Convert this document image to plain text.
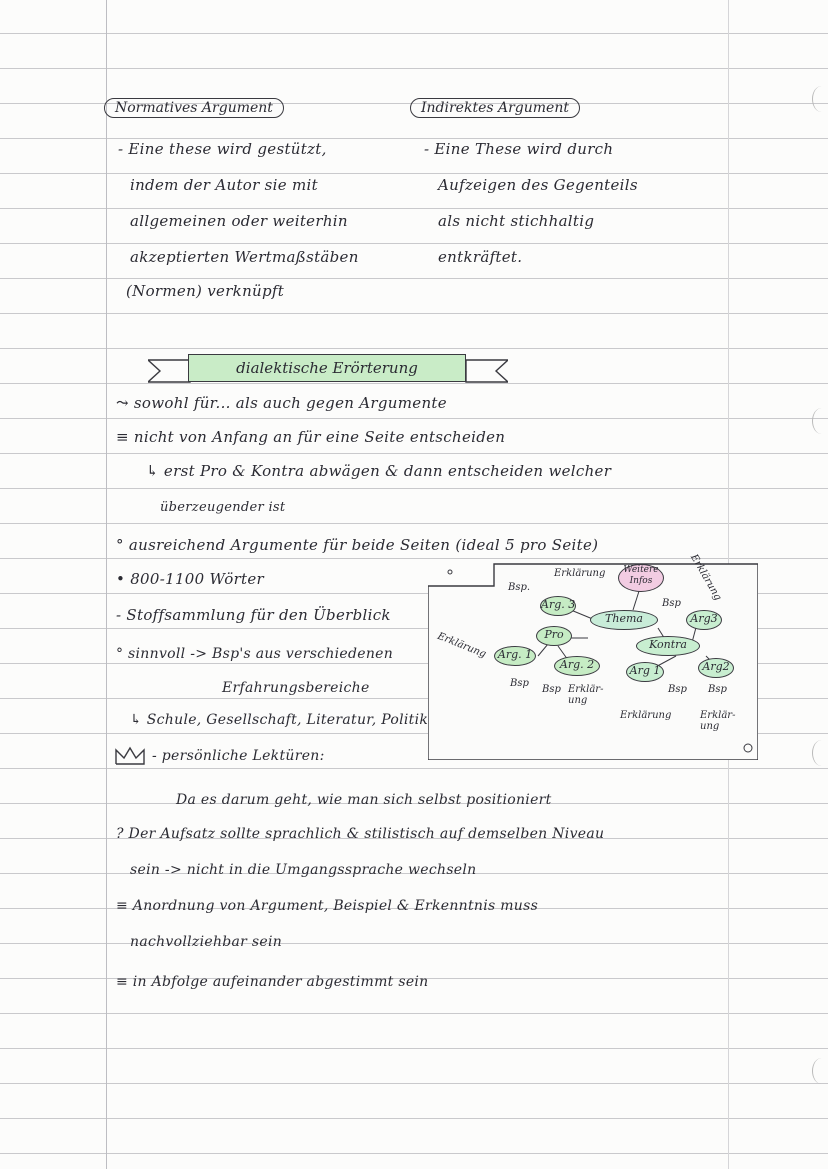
Normatives Argument
- Eine these wird gestützt,
indem der Autor sie mit
allgemeinen oder weiterhin
akzeptierten Wertmaßstäben
(Normen) verknüpft
Indirektes Argument
- Eine These wird durch
Aufzeigen des Gegenteils
als nicht stichhaltig
entkräftet.
dialektische Erörterung
⤳ sowohl für... als auch gegen Argumente
≡ nicht von Anfang an für eine Seite entscheiden
↳ erst Pro & Kontra abwägen & dann entscheiden welcher
überzeugender ist
° ausreichend Argumente für beide Seiten (ideal 5 pro Seite)
• 800-1100 Wörter
- Stoffsammlung für den Überblick
° sinnvoll -> Bsp's aus verschiedenen
Erfahrungsbereiche
↳ Schule, Gesellschaft, Literatur, Politik
- persönliche Lektüren:
Da es darum geht, wie man sich selbst positioniert
? Der Aufsatz sollte sprachlich & stilistisch auf demselben Niveau
sein -> nicht in die Umgangssprache wechseln
≡ Anordnung von Argument, Beispiel & Erkenntnis muss
nachvollziehbar sein
≡ in Abfolge aufeinander abgestimmt sein
Thema
Pro
Kontra
Weitere Infos
Arg. 1
Arg. 2
Arg. 3
Arg 1	Arg2
Arg3
Bsp.
Erklärung
Bsp
Erklärung
Erklärung
Bsp
Bsp Erklär-ung
Bsp Bsp
Erklärung	Erklär-ung
